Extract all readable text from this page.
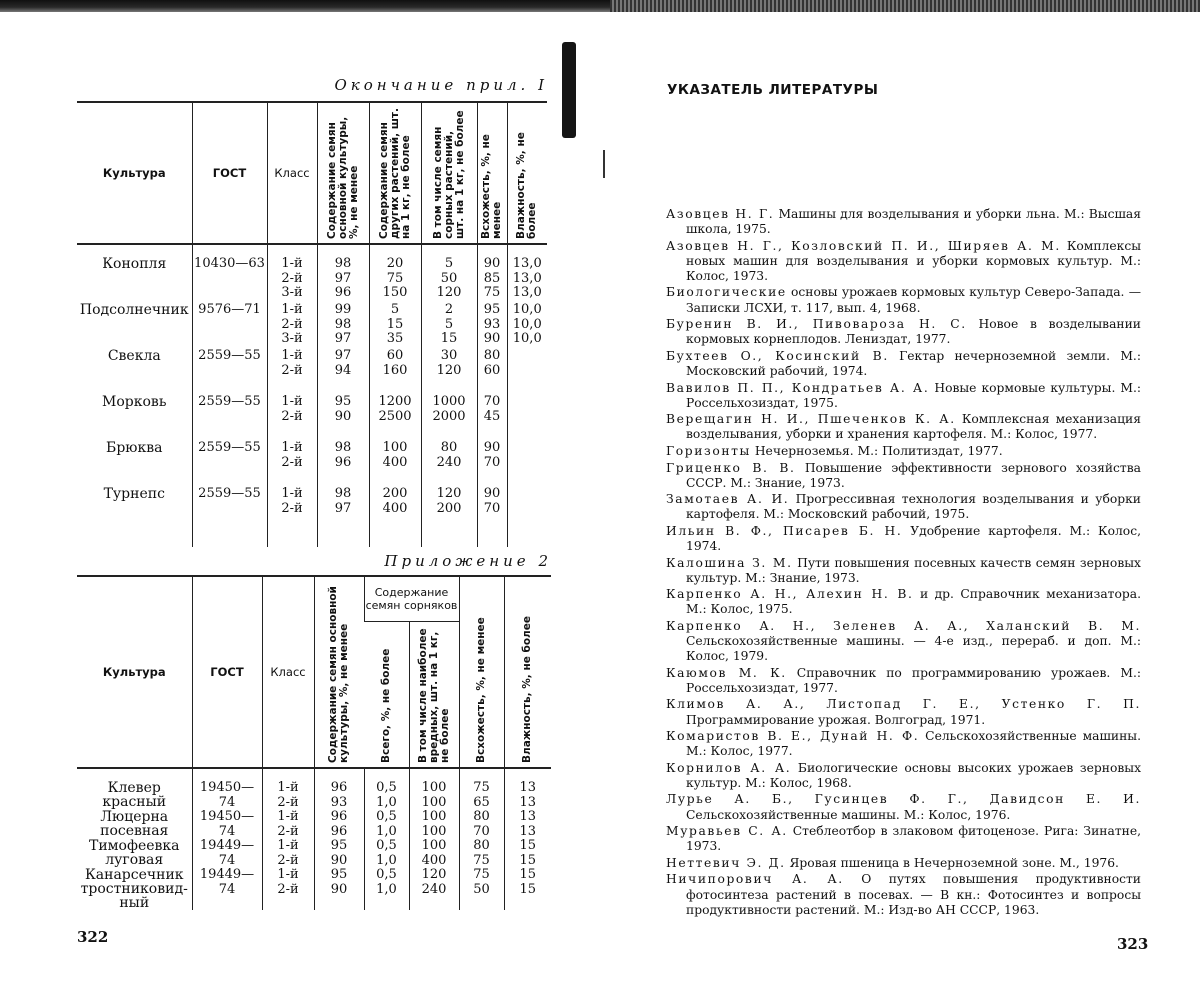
Окончание прил. I
Культура	ГОСТ	Класс	Содержание семян основной культуры, %, не менее	Содержание семян других растений, шт. на 1 кг, не более	В том числе семян сорных растений, шт. на 1 кг, не более	Всхожесть, %, не менее	Влажность, %, не более

Конопля	10430—63	1-й
2-й
3-й

98
97
96

20
75
150

5
50
120

90
85
75

13,0
13,0
13,0

Подсолнечник	9576—71	1-й
2-й
3-й

99
98
97

5
15
35

2
5
15

95
93
90

10,0
10,0
10,0

Свекла	2559—55	1-й
2-й

97
94

60
160

30
120

80
60

Морковь	2559—55	1-й
2-й

95
90

1200
2500

1000
2000

70
45

Брюква	2559—55	1-й
2-й

98
96

100
400

80
240

90
70

Турнепс	2559—55	1-й
2-й

98
97

200
400

120
200

90
70

Приложение 2
Культура	ГОСТ	Класс	Содержание семян основной культуры, %, не менее
	Содержание семян сорняков	
Всхожесть, %, не менее	Влажность, %, не более

Всего, %, не более	В том числе наиболее вредных, шт. на 1 кг, не более

Клевер красный

19450—74

1-й
2-й

96
93

0,5
1,0

100
100

75
65

13
13

Люцерна
посевная

19450—74

1-й
2-й

96
96

0,5
1,0

100
100

80
70

13
13

Тимофеевка
луговая

19449—74

1-й
2-й

95
90

0,5
1,0

100
400

80
75

15
15

Канарсечник
тростниковид-
ный

19449—74

1-й
2-й

95
90

0,5
1,0

120
240

75
50

15
15
322
УКАЗАТЕЛЬ ЛИТЕРАТУРЫ

Азовцев Н. Г. Машины для возделывания и уборки льна. М.: Высшая школа, 1975.

Азовцев Н. Г., Козловский П. И., Ширяев А. М. Комплексы новых машин для возделывания и уборки кормовых культур. М.: Колос, 1973.

Биологические основы урожаев кормовых культур Северо-Запада. — Записки ЛСХИ, т. 117, вып. 4, 1968.

Буренин В. И., Пивовароза Н. С. Новое в возделывании кормовых корнеплодов. Лениздат, 1977.

Бухтеев О., Косинский В. Гектар нечерноземной земли. М.: Московский рабочий, 1974.

Вавилов П. П., Кондратьев А. А. Новые кормовые культуры. М.: Россельхозиздат, 1975.

Верещагин Н. И., Пшеченков К. А. Комплексная механизация возделывания, уборки и хранения картофеля. М.: Колос, 1977.

Горизонты Нечерноземья. М.: Политиздат, 1977.

Гриценко В. В. Повышение эффективности зернового хозяйства СССР. М.: Знание, 1973.

Замотаев А. И. Прогрессивная технология возделывания и уборки картофеля. М.: Московский рабочий, 1975.

Ильин В. Ф., Писарев Б. Н. Удобрение картофеля. М.: Колос, 1974.

Калошина З. М. Пути повышения посевных качеств семян зерновых культур. М.: Знание, 1973.

Карпенко А. Н., Алехин Н. В. и др. Справочник механизатора. М.: Колос, 1975.

Карпенко А. Н., Зеленев А. А., Халанский В. М. Сельскохозяйственные машины. — 4-е изд., перераб. и доп. М.: Колос, 1979.

Каюмов М. К. Справочник по программированию урожаев. М.: Россельхозиздат, 1977.

Климов А. А., Листопад Г. Е., Устенко Г. П. Программирование урожая. Волгоград, 1971.

Комаристов В. Е., Дунай Н. Ф. Сельскохозяйственные машины. М.: Колос, 1977.

Корнилов А. А. Биологические основы высоких урожаев зерновых культур. М.: Колос, 1968.

Лурье А. Б., Гусинцев Ф. Г., Давидсон Е. И. Сельскохозяйственные машины. М.: Колос, 1976.

Муравьев С. А. Стеблеотбор в злаковом фитоценозе. Рига: Зинатне, 1973.

Неттевич Э. Д. Яровая пшеница в Нечерноземной зоне. М., 1976.

Ничипорович А. А. О путях повышения продуктивности фотосинтеза растений в посевах. — В кн.: Фотосинтез и вопросы продуктивности растений. М.: Изд-во АН СССР, 1963.

323
